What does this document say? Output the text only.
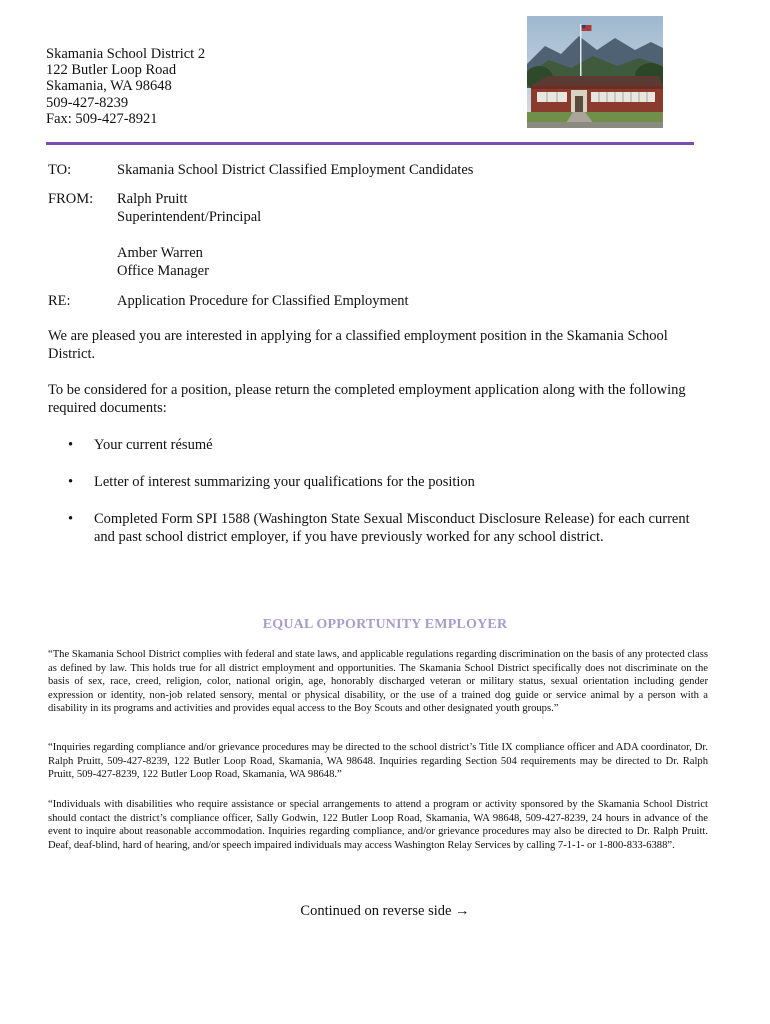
Skamania School District 2
122 Butler Loop Road
Skamania, WA 98648
509-427-8239
Fax: 509-427-8921
TO:	Skamania School District Classified Employment Candidates
FROM: Ralph Pruitt
Superintendent/Principal
Amber Warren
Office Manager
RE:	Application Procedure for Classified Employment
We are pleased you are interested in applying for a classified employment position in the Skamania School District.
To be considered for a position, please return the completed employment application along with the following required documents:
• Your current résumé
• Letter of interest summarizing your qualifications for the position
• Completed Form SPI 1588 (Washington State Sexual Misconduct Disclosure Release) for each current and past school district employer, if you have previously worked for any school district.
EQUAL OPPORTUNITY EMPLOYER
“The Skamania School District complies with federal and state laws, and applicable regulations regarding discrimination on the basis of any protected class as defined by law. This holds true for all district employment and opportunities. The Skamania School District specifically does not discriminate on the basis of sex, race, creed, religion, color, national origin, age, honorably discharged veteran or military status, sexual orientation including gender expression or identity, non-job related sensory, mental or physical disability, or the use of a trained dog guide or service animal by a person with a disability in its programs and activities and provides equal access to the Boy Scouts and other designated youth groups.”
“Inquiries regarding compliance and/or grievance procedures may be directed to the school district’s Title IX compliance officer and ADA coordinator, Dr. Ralph Pruitt, 509-427-8239, 122 Butler Loop Road, Skamania, WA 98648. Inquiries regarding Section 504 requirements may be directed to Dr. Ralph Pruitt, 509-427-8239, 122 Butler Loop Road, Skamania, WA 98648.”
“Individuals with disabilities who require assistance or special arrangements to attend a program or activity sponsored by the Skamania School District should contact the district’s compliance officer, Sally Godwin, 122 Butler Loop Road, Skamania, WA 98648, 509-427-8239, 24 hours in advance of the event to inquire about reasonable accommodation. Inquiries regarding compliance, and/or grievance procedures may also be directed to Dr. Ralph Pruitt. Deaf, deaf-blind, hard of hearing, and/or speech impaired individuals may access Washington Relay Services by calling 7-1-1- or 1-800-833-6388”.
Continued on reverse side →
